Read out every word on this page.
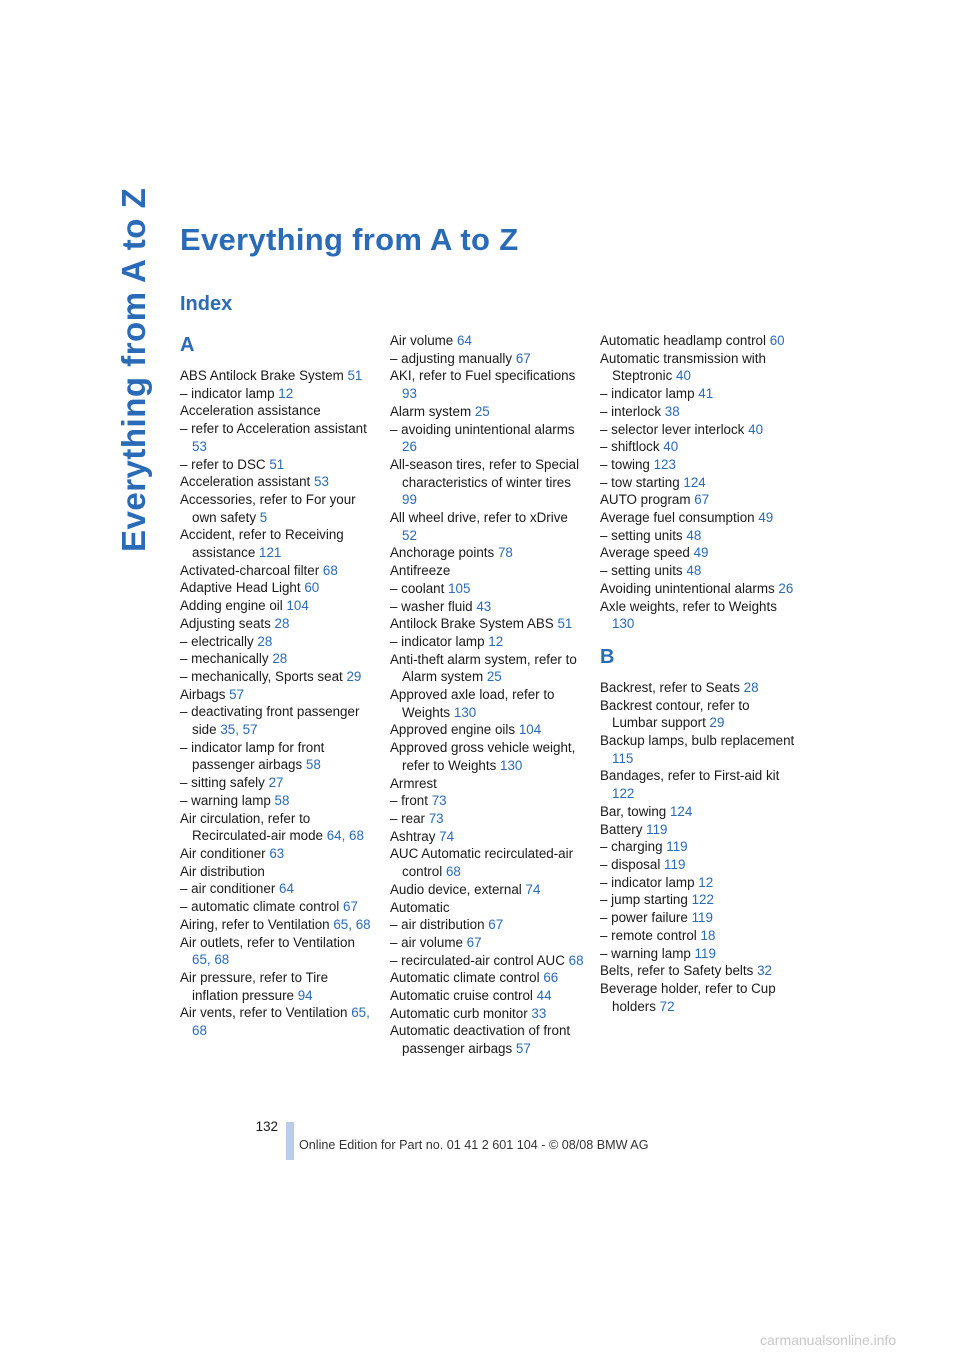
Everything from A to Z Everything from A to Z
Index
A
ABS Antilock Brake System 51
– indicator lamp 12
Acceleration assistance
– refer to Acceleration assistant 53
– refer to DSC 51
Acceleration assistant 53
Accessories, refer to For your own safety 5
Accident, refer to Receiving assistance 121
Activated-charcoal filter 68
Adaptive Head Light 60
Adding engine oil 104
Adjusting seats 28
– electrically 28
– mechanically 28
– mechanically, Sports seat 29
Airbags 57
– deactivating front passenger side 35, 57
– indicator lamp for front passenger airbags 58
– sitting safely 27
– warning lamp 58
Air circulation, refer to Recirculated-air mode 64, 68
Air conditioner 63
Air distribution
– air conditioner 64
– automatic climate control 67
Airing, refer to Ventilation 65, 68
Air outlets, refer to Ventilation 65, 68
Air pressure, refer to Tire inflation pressure 94
Air vents, refer to Ventilation 65, 68
Air volume 64
– adjusting manually 67
AKI, refer to Fuel specifications 93
Alarm system 25
– avoiding unintentional alarms 26
All-season tires, refer to Special characteristics of winter tires 99
All wheel drive, refer to xDrive 52
Anchorage points 78
Antifreeze
– coolant 105
– washer fluid 43
Antilock Brake System ABS 51
– indicator lamp 12
Anti-theft alarm system, refer to Alarm system 25
Approved axle load, refer to Weights 130
Approved engine oils 104
Approved gross vehicle weight, refer to Weights 130
Armrest
– front 73
– rear 73
Ashtray 74
AUC Automatic recirculated-air control 68
Audio device, external 74
Automatic
– air distribution 67
– air volume 67
– recirculated-air control AUC 68
Automatic climate control 66
Automatic cruise control 44
Automatic curb monitor 33
Automatic deactivation of front passenger airbags 57
Automatic headlamp control 60
Automatic transmission with Steptronic 40
– indicator lamp 41
– interlock 38
– selector lever interlock 40
– shiftlock 40
– towing 123
– tow starting 124
AUTO program 67
Average fuel consumption 49
– setting units 48
Average speed 49
– setting units 48
Avoiding unintentional alarms 26
Axle weights, refer to Weights 130
B
Backrest, refer to Seats 28
Backrest contour, refer to Lumbar support 29
Backup lamps, bulb replacement 115
Bandages, refer to First-aid kit 122
Bar, towing 124
Battery 119
– charging 119
– disposal 119
– indicator lamp 12
– jump starting 122
– power failure 119
– remote control 18
– warning lamp 119
Belts, refer to Safety belts 32
Beverage holder, refer to Cup holders 72
132
Online Edition for Part no. 01 41 2 601 104 - © 08/08 BMW AG
carmanualsonline.info
